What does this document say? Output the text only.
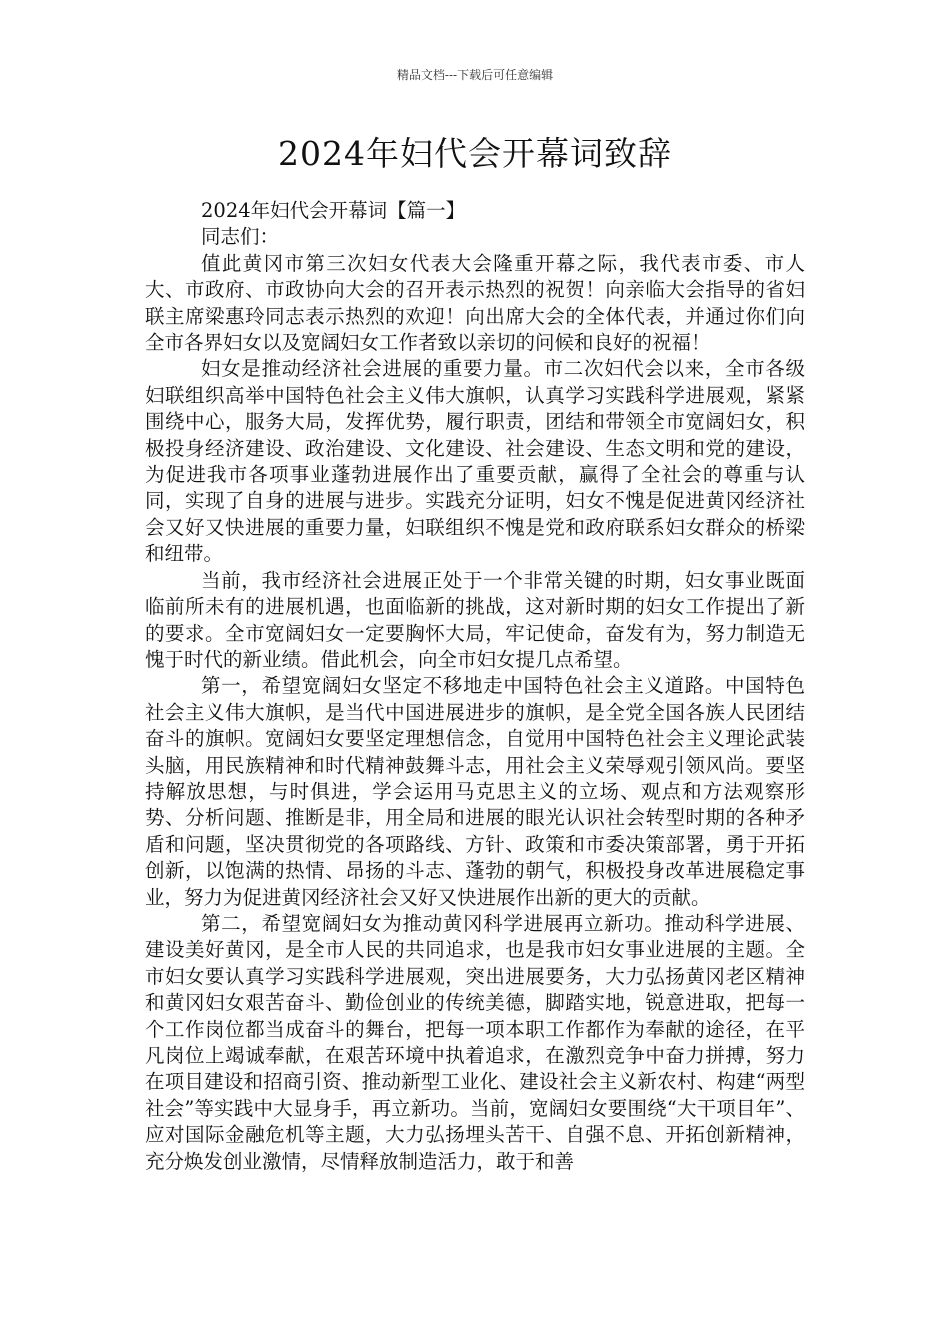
精品文档---下载后可任意编辑
2024年妇代会开幕词致辞

2024年妇代会开幕词【篇一】

同志们：

值此黄冈市第三次妇女代表大会隆重开幕之际，我代表市委、市人大、市政府、市政协向大会的召开表示热烈的祝贺！向亲临大会指导的省妇联主席梁惠玲同志表示热烈的欢迎！向出席大会的全体代表，并通过你们向全市各界妇女以及宽阔妇女工作者致以亲切的问候和良好的祝福！

妇女是推动经济社会进展的重要力量。市二次妇代会以来，全市各级妇联组织高举中国特色社会主义伟大旗帜，认真学习实践科学进展观，紧紧围绕中心，服务大局，发挥优势，履行职责，团结和带领全市宽阔妇女，积极投身经济建设、政治建设、文化建设、社会建设、生态文明和党的建设，为促进我市各项事业蓬勃进展作出了重要贡献，赢得了全社会的尊重与认同，实现了自身的进展与进步。实践充分证明，妇女不愧是促进黄冈经济社会又好又快进展的重要力量，妇联组织不愧是党和政府联系妇女群众的桥梁和纽带。

当前，我市经济社会进展正处于一个非常关键的时期，妇女事业既面临前所未有的进展机遇，也面临新的挑战，这对新时期的妇女工作提出了新的要求。全市宽阔妇女一定要胸怀大局，牢记使命，奋发有为，努力制造无愧于时代的新业绩。借此机会，向全市妇女提几点希望。

第一，希望宽阔妇女坚定不移地走中国特色社会主义道路。中国特色社会主义伟大旗帜，是当代中国进展进步的旗帜，是全党全国各族人民团结奋斗的旗帜。宽阔妇女要坚定理想信念，自觉用中国特色社会主义理论武装头脑，用民族精神和时代精神鼓舞斗志，用社会主义荣辱观引领风尚。要坚持解放思想，与时俱进，学会运用马克思主义的立场、观点和方法观察形势、分析问题、推断是非，用全局和进展的眼光认识社会转型时期的各种矛盾和问题，坚决贯彻党的各项路线、方针、政策和市委决策部署，勇于开拓创新，以饱满的热情、昂扬的斗志、蓬勃的朝气，积极投身改革进展稳定事业，努力为促进黄冈经济社会又好又快进展作出新的更大的贡献。

第二，希望宽阔妇女为推动黄冈科学进展再立新功。推动科学进展、建设美好黄冈，是全市人民的共同追求，也是我市妇女事业进展的主题。全市妇女要认真学习实践科学进展观，突出进展要务，大力弘扬黄冈老区精神和黄冈妇女艰苦奋斗、勤俭创业的传统美德，脚踏实地，锐意进取，把每一个工作岗位都当成奋斗的舞台，把每一项本职工作都作为奉献的途径，在平凡岗位上竭诚奉献，在艰苦环境中执着追求，在激烈竞争中奋力拼搏，努力在项目建设和招商引资、推动新型工业化、建设社会主义新农村、构建“两型社会”等实践中大显身手，再立新功。当前，宽阔妇女要围绕“大干项目年”、应对国际金融危机等主题，大力弘扬埋头苦干、自强不息、开拓创新精神，充分焕发创业激情，尽情释放制造活力，敢于和善
